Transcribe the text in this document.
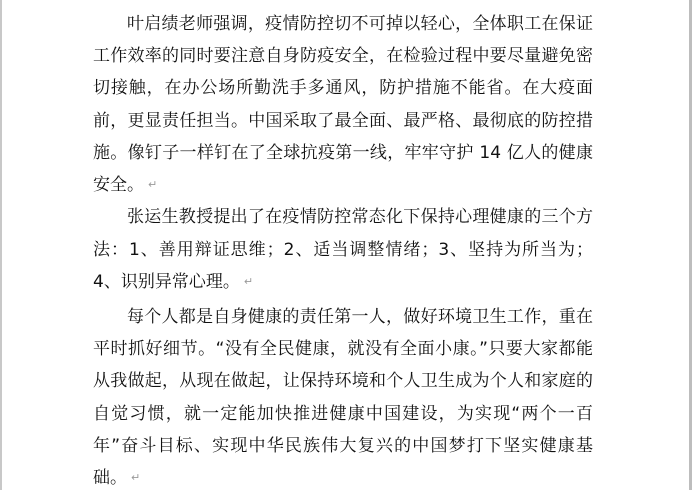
叶启绩老师强调，疫情防控切不可掉以轻心，全体职工在保证工作效率的同时要注意自身防疫安全，在检验过程中要尽量避免密切接触，在办公场所勤洗手多通风，防护措施不能省。在大疫面前，更显责任担当。中国采取了最全面、最严格、最彻底的防控措施。像钉子一样钉在了全球抗疫第一线，牢牢守护 14 亿人的健康安全。 ↵

张运生教授提出了在疫情防控常态化下保持心理健康的三个方法：1、善用辩证思维；2、适当调整情绪；3、坚持为所当为；4、识别异常心理。 ↵

每个人都是自身健康的责任第一人，做好环境卫生工作，重在平时抓好细节。“没有全民健康，就没有全面小康。”只要大家都能从我做起，从现在做起，让保持环境和个人卫生成为个人和家庭的自觉习惯，就一定能加快推进健康中国建设，为实现“两个一百年”奋斗目标、实现中华民族伟大复兴的中国梦打下坚实健康基础。 ↵
